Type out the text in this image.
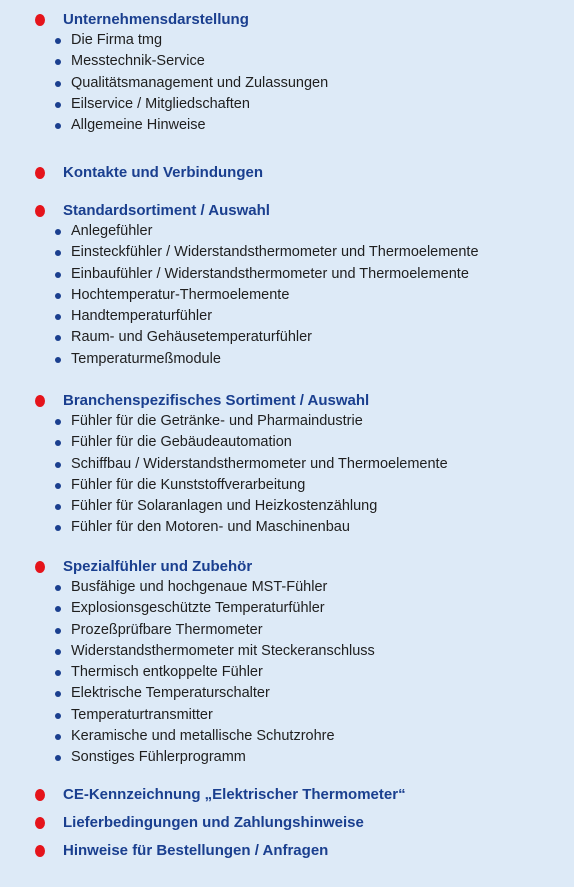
Unternehmensdarstellung
Die Firma tmg
Messtechnik-Service
Qualitätsmanagement und Zulassungen
Eilservice / Mitgliedschaften
Allgemeine Hinweise
Kontakte und Verbindungen
Standardsortiment / Auswahl
Anlegefühler
Einsteckfühler / Widerstandsthermometer und Thermoelemente
Einbaufühler / Widerstandsthermometer und Thermoelemente
Hochtemperatur-Thermoelemente
Handtemperaturfühler
Raum- und Gehäusetemperaturfühler
Temperaturmeßmodule
Branchenspezifisches Sortiment / Auswahl
Fühler für die Getränke- und Pharmaindustrie
Fühler für die Gebäudeautomation
Schiffbau / Widerstandsthermometer und Thermoelemente
Fühler für die Kunststoffverarbeitung
Fühler für Solaranlagen und Heizkostenzählung
Fühler für den Motoren- und Maschinenbau
Spezialfühler und Zubehör
Busfähige und hochgenaue MST-Fühler
Explosionsgeschützte Temperaturfühler
Prozeßprüfbare Thermometer
Widerstandsthermometer mit Steckeranschluss
Thermisch entkoppelte Fühler
Elektrische Temperaturschalter
Temperaturtransmitter
Keramische und metallische Schutzrohre
Sonstiges Fühlerprogramm
CE-Kennzeichnung „Elektrischer Thermometer“
Lieferbedingungen und Zahlungshinweise
Hinweise für Bestellungen / Anfragen
